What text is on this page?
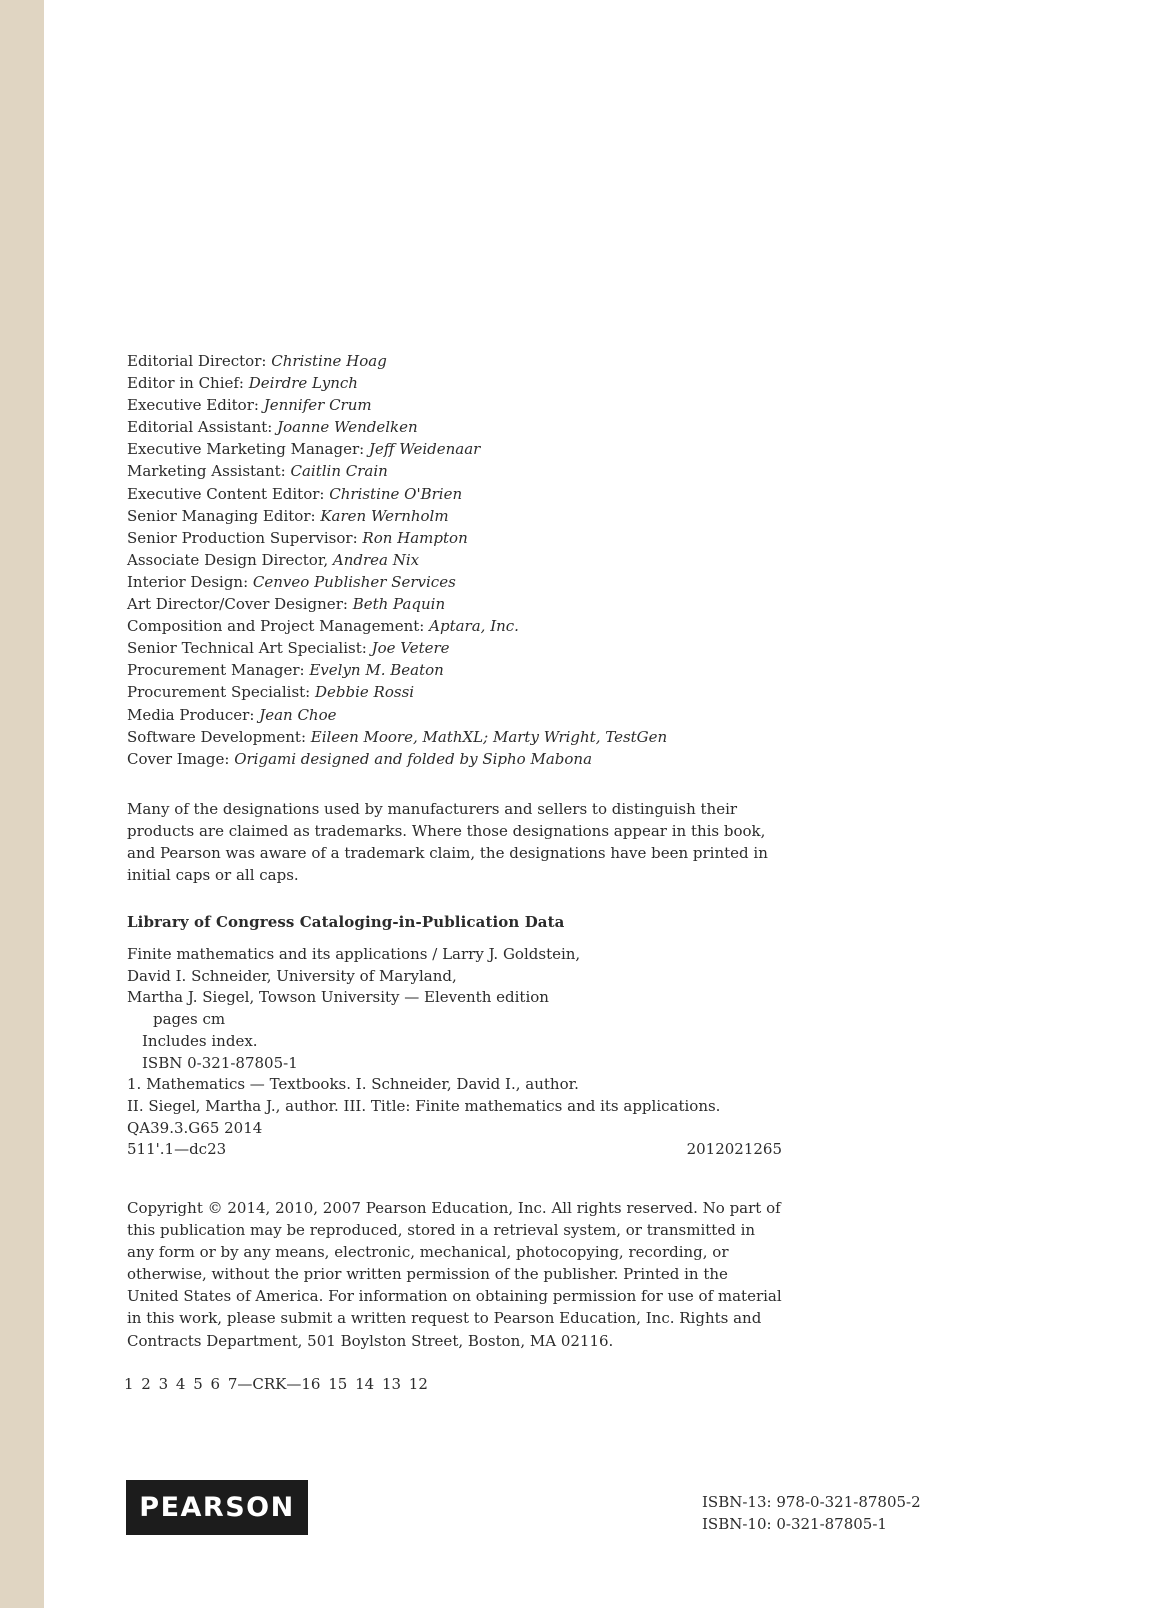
Editorial Director: Christine Hoag
Editor in Chief: Deirdre Lynch
Executive Editor: Jennifer Crum
Editorial Assistant: Joanne Wendelken
Executive Marketing Manager: Jeff Weidenaar
Marketing Assistant: Caitlin Crain
Executive Content Editor: Christine O'Brien
Senior Managing Editor: Karen Wernholm
Senior Production Supervisor: Ron Hampton
Associate Design Director, Andrea Nix
Interior Design: Cenveo Publisher Services
Art Director/Cover Designer: Beth Paquin
Composition and Project Management: Aptara, Inc.
Senior Technical Art Specialist: Joe Vetere
Procurement Manager: Evelyn M. Beaton
Procurement Specialist: Debbie Rossi
Media Producer: Jean Choe
Software Development: Eileen Moore, MathXL; Marty Wright, TestGen
Cover Image: Origami designed and folded by Sipho Mabona
Many of the designations used by manufacturers and sellers to distinguish their
products are claimed as trademarks. Where those designations appear in this book,
and Pearson was aware of a trademark claim, the designations have been printed in
initial caps or all caps.
Library of Congress Cataloging-in-Publication Data
Finite mathematics and its applications / Larry J. Goldstein,
David I. Schneider, University of Maryland,
Martha J. Siegel, Towson University — Eleventh edition
pages cm
Includes index.
ISBN 0-321-87805-1
1. Mathematics — Textbooks. I. Schneider, David I., author.
II. Siegel, Martha J., author. III. Title: Finite mathematics and its applications.
QA39.3.G65 2014
511'.1—dc23	2012021265
Copyright © 2014, 2010, 2007 Pearson Education, Inc. All rights reserved. No part of
this publication may be reproduced, stored in a retrieval system, or transmitted in
any form or by any means, electronic, mechanical, photocopying, recording, or
otherwise, without the prior written permission of the publisher. Printed in the
United States of America. For information on obtaining permission for use of material
in this work, please submit a written request to Pearson Education, Inc. Rights and
Contracts Department, 501 Boylston Street, Boston, MA 02116.
1 2 3 4 5 6 7—CRK—16 15 14 13 12
PEARSON	ISBN-13: 978-0-321-87805-2
ISBN-10: 0-321-87805-1
